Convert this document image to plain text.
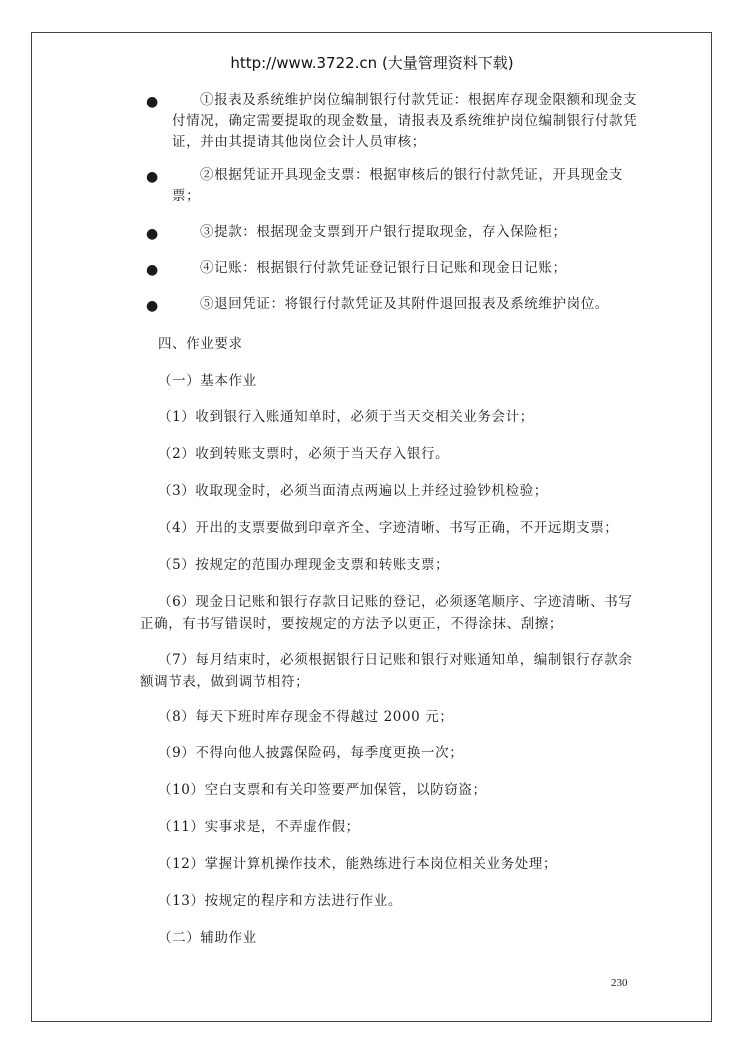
http://www.3722.cn (大量管理资料下载)
●
①报表及系统维护岗位编制银行付款凭证：根据库存现金限额和现金支付情况，确定需要提取的现金数量，请报表及系统维护岗位编制银行付款凭证，并由其提请其他岗位会计人员审核；
●
②根据凭证开具现金支票：根据审核后的银行付款凭证，开具现金支票；
●
③提款：根据现金支票到开户银行提取现金，存入保险柜；
●
④记账：根据银行付款凭证登记银行日记账和现金日记账；
●
⑤退回凭证：将银行付款凭证及其附件退回报表及系统维护岗位。
四、作业要求
（一）基本作业
（1）收到银行入账通知单时，必须于当天交相关业务会计；
（2）收到转账支票时，必须于当天存入银行。
（3）收取现金时，必须当面清点两遍以上并经过验钞机检验；
（4）开出的支票要做到印章齐全、字迹清晰、书写正确，不开远期支票；
（5）按规定的范围办理现金支票和转账支票；
（6）现金日记账和银行存款日记账的登记，必须逐笔顺序、字迹清晰、书写正确，有书写错误时，要按规定的方法予以更正，不得涂抹、刮擦；
（7）每月结束时，必须根据银行日记账和银行对账通知单，编制银行存款余额调节表，做到调节相符；
（8）每天下班时库存现金不得越过 2000 元；
（9）不得向他人披露保险码，每季度更换一次；
（10）空白支票和有关印签要严加保管，以防窃盗；
（11）实事求是，不弄虚作假；
（12）掌握计算机操作技术，能熟练进行本岗位相关业务处理；
（13）按规定的程序和方法进行作业。
（二）辅助作业
230
